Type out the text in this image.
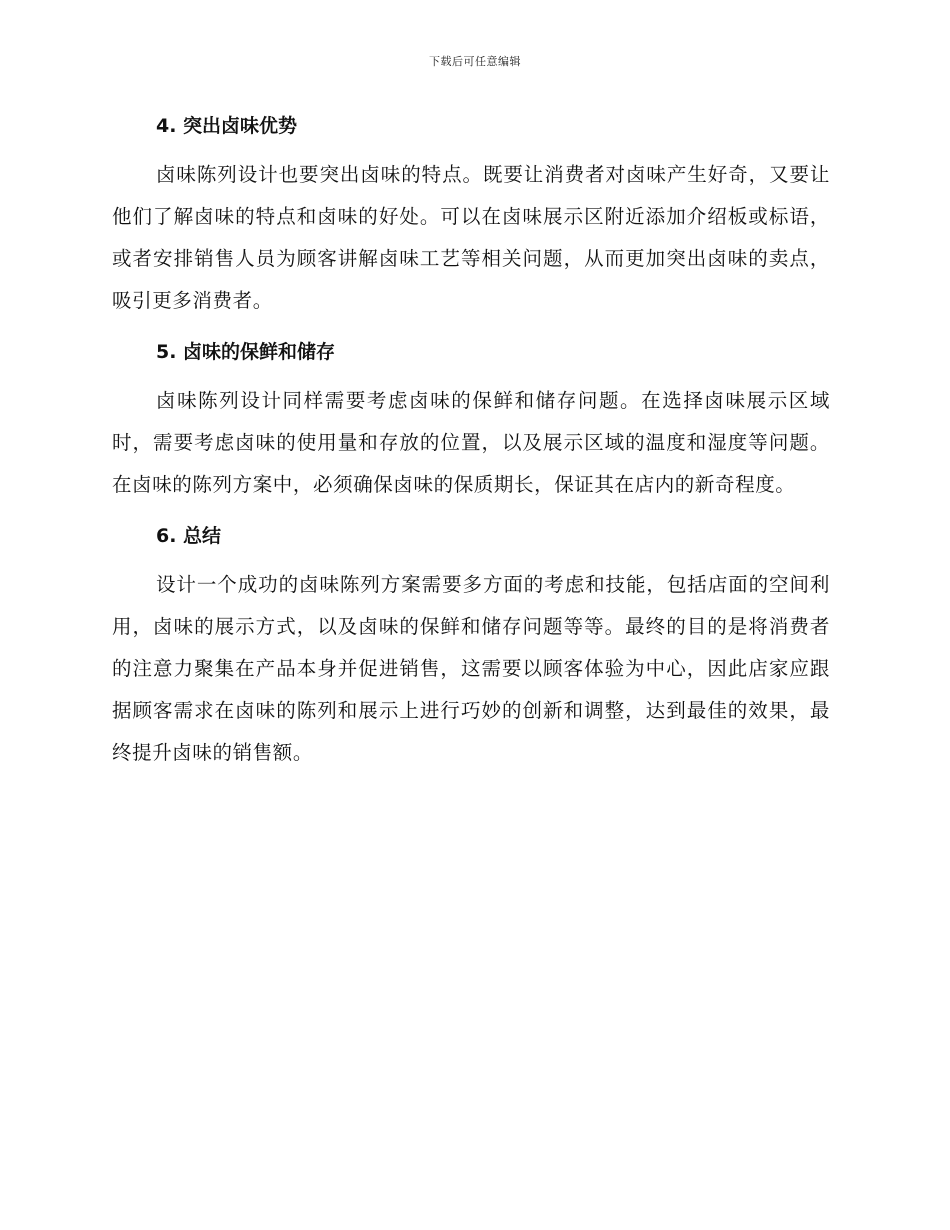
下载后可任意编辑
4. 突出卤味优势

卤味陈列设计也要突出卤味的特点。既要让消费者对卤味产生好奇，又要让他们了解卤味的特点和卤味的好处。可以在卤味展示区附近添加介绍板或标语，或者安排销售人员为顾客讲解卤味工艺等相关问题，从而更加突出卤味的卖点，吸引更多消费者。

5. 卤味的保鲜和储存

卤味陈列设计同样需要考虑卤味的保鲜和储存问题。在选择卤味展示区域时，需要考虑卤味的使用量和存放的位置，以及展示区域的温度和湿度等问题。在卤味的陈列方案中，必须确保卤味的保质期长，保证其在店内的新奇程度。

6. 总结

设计一个成功的卤味陈列方案需要多方面的考虑和技能，包括店面的空间利用，卤味的展示方式，以及卤味的保鲜和储存问题等等。最终的目的是将消费者的注意力聚集在产品本身并促进销售，这需要以顾客体验为中心，因此店家应跟据顾客需求在卤味的陈列和展示上进行巧妙的创新和调整，达到最佳的效果，最终提升卤味的销售额。
